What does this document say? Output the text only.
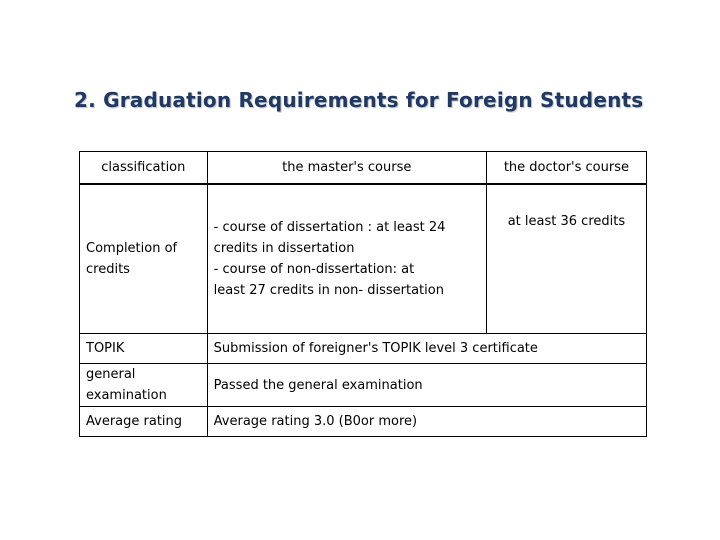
2. Graduation Requirements for Foreign Students
classification	the master's course	the doctor's course
Completion of credits	- course of dissertation : at least 24
credits in dissertation
- course of non-dissertation: at
least 27 credits in non- dissertation	at least 36 credits
TOPIK	Submission of foreigner's TOPIK level 3 certificate	

general
examination	Passed the general examination	
Average rating	Average rating 3.0 (B0or more)	
